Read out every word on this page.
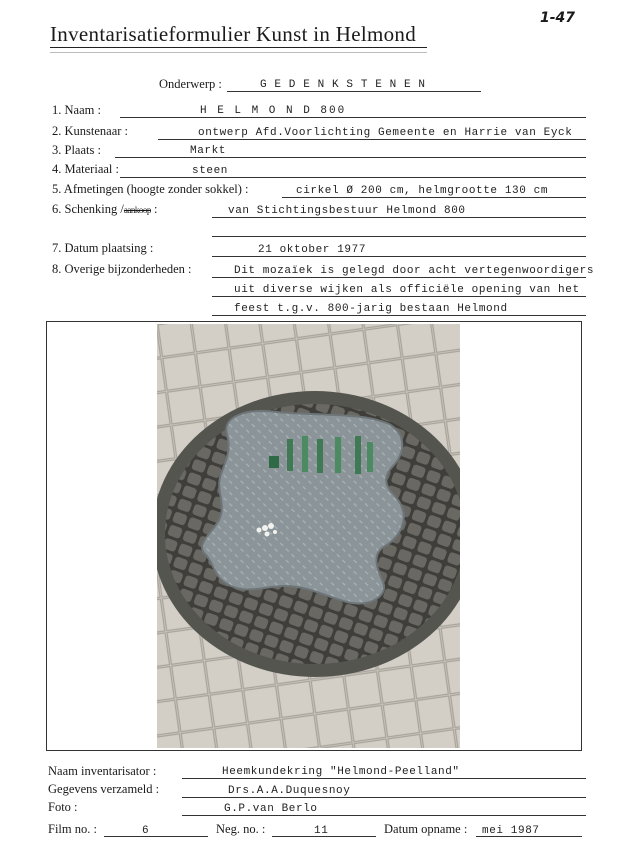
Inventarisatieformulier Kunst in Helmond
1-47
Onderwerp :	G E D E N K S T E N E N
1. Naam :	H E L M O N D 800
2. Kunstenaar :	ontwerp Afd.Voorlichting Gemeente en Harrie van Eyck
3. Plaats :	Markt
4. Materiaal :	steen
5. Afmetingen (hoogte zonder sokkel) :	cirkel Ø 200 cm, helmgrootte 130 cm
6. Schenking /aankoop :	van Stichtingsbestuur Helmond 800
7. Datum plaatsing :	21 oktober 1977
8. Overige bijzonderheden :	Dit mozaïek is gelegd door acht vertegenwoordigers
uit diverse wijken als officiële opening van het
feest t.g.v. 800-jarig bestaan Helmond
Naam inventarisator :	Heemkundekring "Helmond-Peelland"
Gegevens verzameld :	Drs.A.A.Duquesnoy
Foto :	G.P.van Berlo
Film no. :	6	Neg. no. :	11	Datum opname : mei 1987
